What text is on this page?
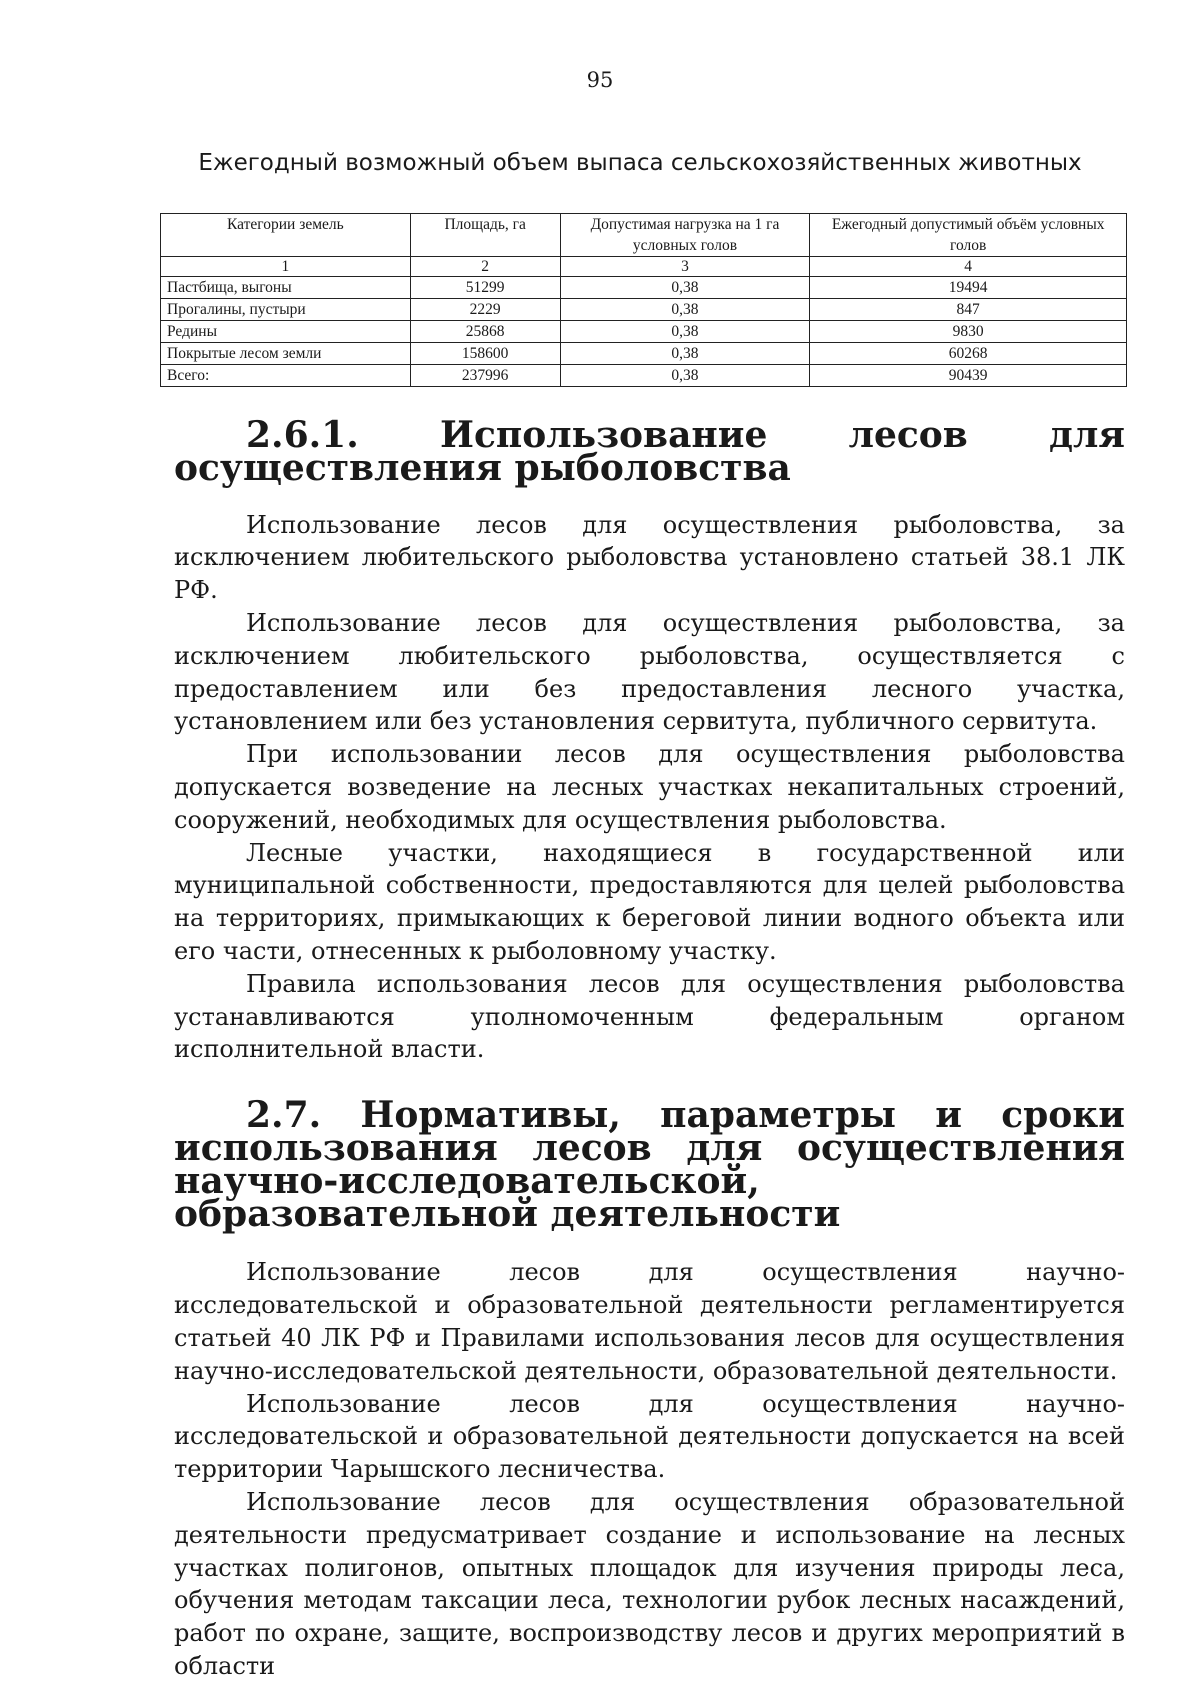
95
Ежегодный возможный объем выпаса сельскохозяйственных животных
Категории земель	Площадь, га	Допустимая нагрузка на 1 га условных голов	Ежегодный допустимый объём условных голов
1	2	3	4
Пастбища, выгоны	51299	0,38	19494
Прогалины, пустыри	2229	0,38	847
Редины	25868	0,38	9830
Покрытые лесом земли	158600	0,38	60268
Всего:	237996	0,38	90439
2.6.1. Использование лесов для осуществления рыболовства

Использование лесов для осуществления рыболовства, за исключением любительского рыболовства установлено статьей 38.1 ЛК РФ.

Использование лесов для осуществления рыболовства, за исключением любительского рыболовства, осуществляется с предоставлением или без предоставления лесного участка, установлением или без установления сервитута, публичного сервитута.

При использовании лесов для осуществления рыболовства допускается возведение на лесных участках некапитальных строений, сооружений, необходимых для осуществления рыболовства.

Лесные участки, находящиеся в государственной или муниципальной собственности, предоставляются для целей рыболовства на территориях, примыкающих к береговой линии водного объекта или его части, отнесенных к рыболовному участку.

Правила использования лесов для осуществления рыболовства устанавливаются уполномоченным федеральным органом исполнительной власти.

2.7. Нормативы, параметры и сроки использования лесов для осуществления научно-исследовательской, образовательной деятельности

Использование лесов для осуществления научно-исследовательской и образовательной деятельности регламентируется статьей 40 ЛК РФ и Правилами использования лесов для осуществления научно-исследовательской деятельности, образовательной деятельности.

Использование лесов для осуществления научно-исследовательской и образовательной деятельности допускается на всей территории Чарышского лесничества.

Использование лесов для осуществления образовательной деятельности предусматривает создание и использование на лесных участках полигонов, опытных площадок для изучения природы леса, обучения методам таксации леса, технологии рубок лесных насаждений, работ по охране, защите, воспроизводству лесов и других мероприятий в области
